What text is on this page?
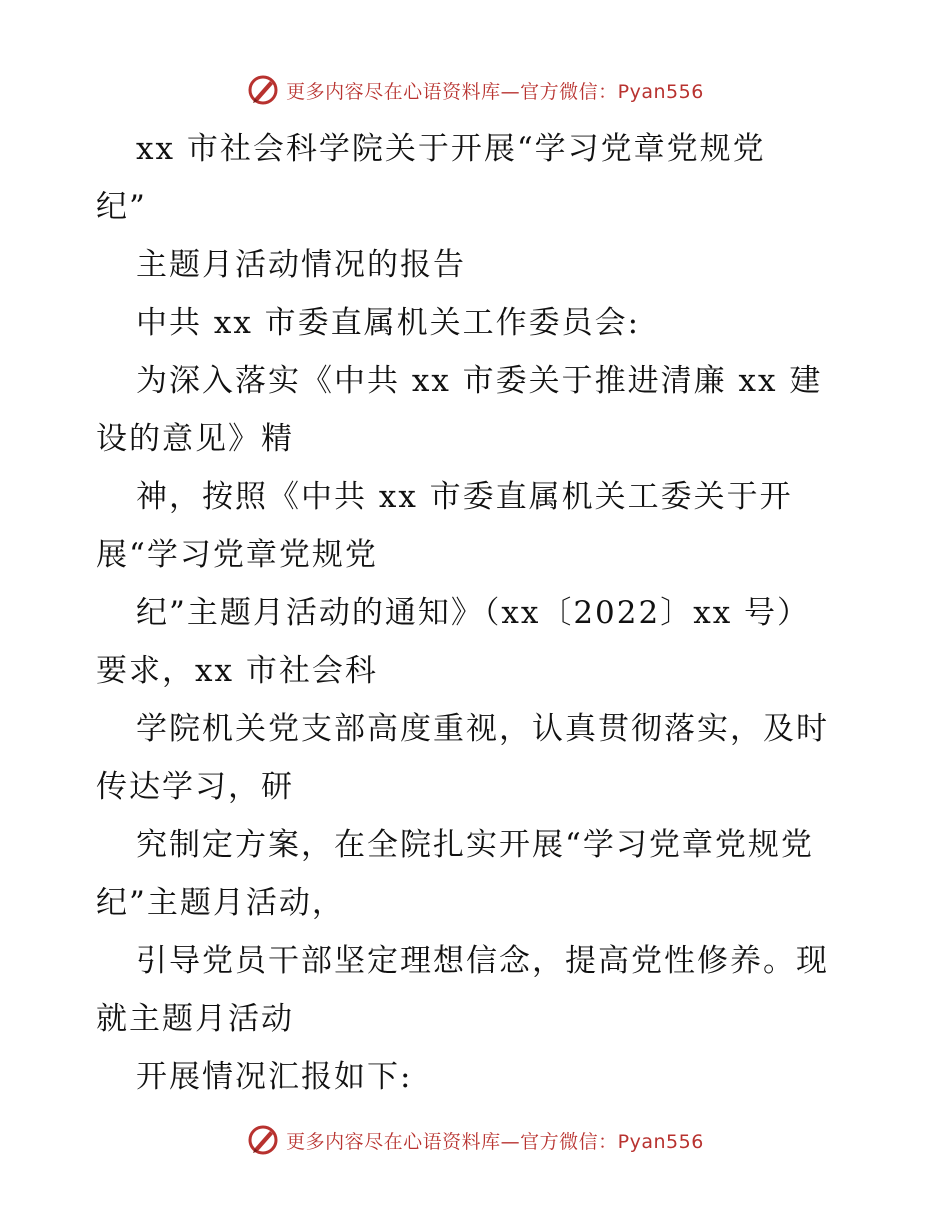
更多内容尽在心语资料库—官方微信：Pyan556
xx 市社会科学院关于开展“学习党章党规党
纪”
主题月活动情况的报告
中共 xx 市委直属机关工作委员会:
为深入落实《中共 xx 市委关于推进清廉 xx 建
设的意见》精
神，按照《中共 xx 市委直属机关工委关于开
展“学习党章党规党
纪”主题月活动的通知》（xx〔2022〕xx 号）
要求，xx 市社会科
学院机关党支部高度重视，认真贯彻落实，及时
传达学习，研
究制定方案，在全院扎实开展“学习党章党规党
纪”主题月活动，
引导党员干部坚定理想信念，提高党性修养。现
就主题月活动
开展情况汇报如下:
更多内容尽在心语资料库—官方微信：Pyan556
